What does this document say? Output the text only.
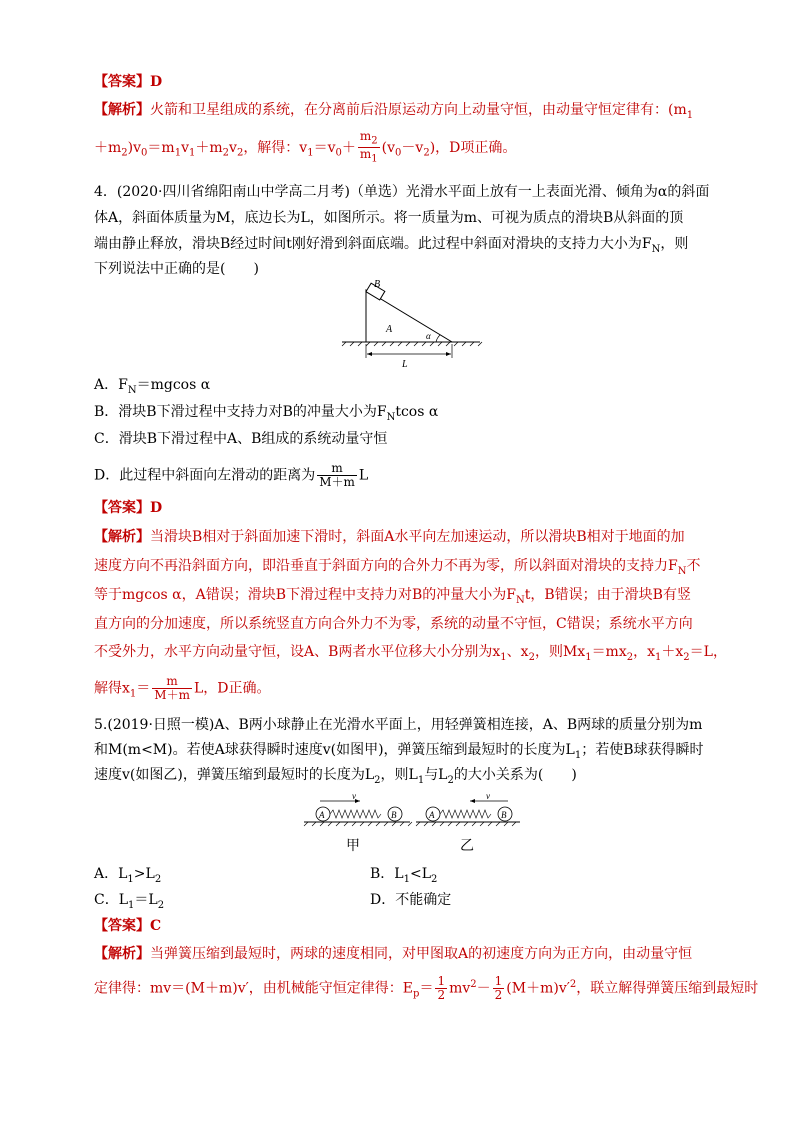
【答案】D
【解析】火箭和卫星组成的系统，在分离前后沿原运动方向上动量守恒，由动量守恒定律有：($m_1$
$+m_2)v_0=m_1v_1+m_2v_2$，解得：$v_1=v_0+ \frac{m_2}{m_1} (v_0-v_2)$，D项正确。
4．(2020·四川省绵阳南山中学高二月考)（单选）光滑水平面上放有一上表面光滑、倾角为α的斜面
体A，斜面体质量为M，底边长为L，如图所示。将一质量为m、可视为质点的滑块B从斜面的顶
端由静止释放，滑块B经过时间t刚好滑到斜面底端。此过程中斜面对滑块的支持力大小为$F_N$，则
下列说法中正确的是(　　)
B
A
α
L
A．$F_N=mgcos$ α
B．滑块B下滑过程中支持力对B的冲量大小为$F_Ntcos$ α
C．滑块B下滑过程中A、B组成的系统动量守恒
D．此过程中斜面向左滑动的距离为 $\frac{m}{M+m}$ L
【答案】D
【解析】当滑块B相对于斜面加速下滑时，斜面A水平向左加速运动，所以滑块B相对于地面的加
速度方向不再沿斜面方向，即沿垂直于斜面方向的合外力不再为零，所以斜面对滑块的支持力$F_N$不
等于mgcos α，A错误；滑块B下滑过程中支持力对B的冲量大小为$F_Nt$，B错误；由于滑块B有竖
直方向的分加速度，所以系统竖直方向合外力不为零，系统的动量不守恒，C错误；系统水平方向
不受外力，水平方向动量守恒，设A、B两者水平位移大小分别为$x_1$、$x_2$，则$Mx_1=mx_2$，$x_1+x_2=L$，
解得$x_1= \frac{m}{M+m}$ L，D正确。
5.(2019·日照一模)A、B两小球静止在光滑水平面上，用轻弹簧相连接，A、B两球的质量分别为m
和M(m<M)。若使A球获得瞬时速度v(如图甲)，弹簧压缩到最短时的长度为$L_1$；若使B球获得瞬时
速度v(如图乙)，弹簧压缩到最短时的长度为$L_2$，则$L_1$与$L_2$的大小关系为(　　)
A	B
v
A	B
v
甲	乙
A．$L_1>L_2$	B．$L_1<L_2$
C．$L_1=L_2$	D．不能确定
【答案】C
【解析】当弹簧压缩到最短时，两球的速度相同，对甲图取A的初速度方向为正方向，由动量守恒
定律得：mv＝(M＋m)v′，由机械能守恒定律得：$E_p= \frac{1}{2} mv^2- \frac{1}{2} (M+m)v'^2$，联立解得弹簧压缩到最短时
